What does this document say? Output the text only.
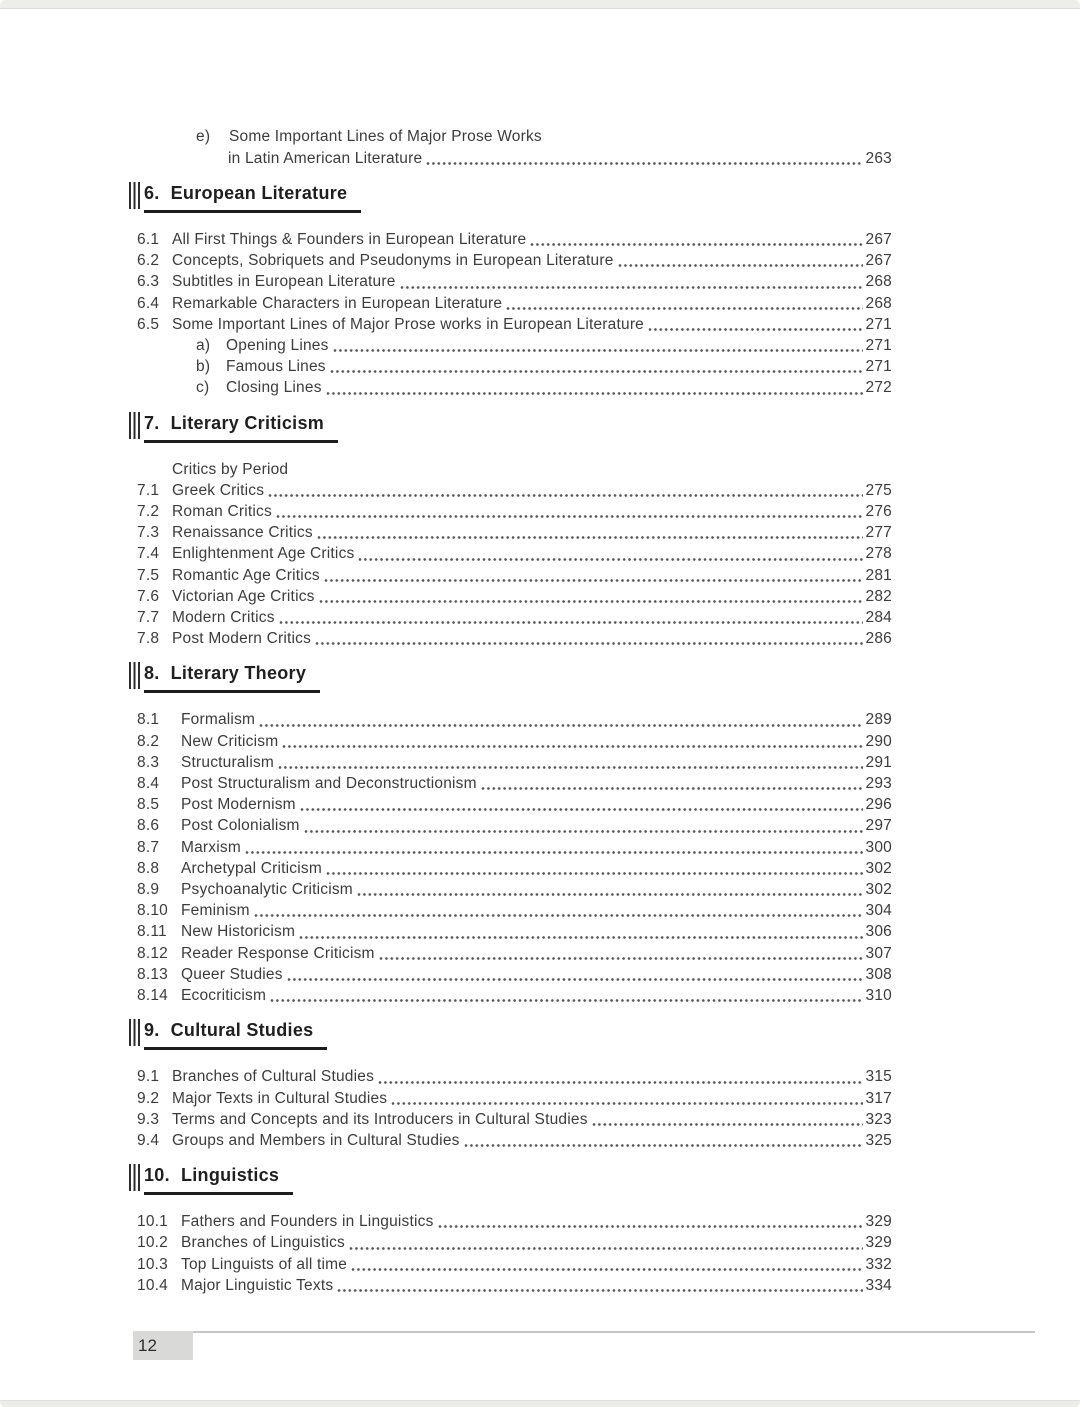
e)	Some Important Lines of Major Prose Works
in Latin American Literature	263
6. European Literature
6.1 All First Things & Founders in European Literature	267
6.2 Concepts, Sobriquets and Pseudonyms in European Literature	267
6.3 Subtitles in European Literature	268
6.4 Remarkable Characters in European Literature	268
6.5 Some Important Lines of Major Prose works in European Literature	271
a)	Opening Lines	271
b)	Famous Lines	271
c)	Closing Lines	272
7. Literary Criticism
Critics by Period
7.1 Greek Critics	275
7.2 Roman Critics	276
7.3 Renaissance Critics	277
7.4 Enlightenment Age Critics	278
7.5 Romantic Age Critics	281
7.6 Victorian Age Critics	282
7.7 Modern Critics	284
7.8 Post Modern Critics	286
8. Literary Theory
8.1	Formalism	289
8.2	New Criticism	290
8.3	Structuralism	291
8.4	Post Structuralism and Deconstructionism	293
8.5	Post Modernism	296
8.6	Post Colonialism	297
8.7	Marxism	300
8.8	Archetypal Criticism	302
8.9	Psychoanalytic Criticism	302
8.10 Feminism	304
8.11 New Historicism	306
8.12 Reader Response Criticism	307
8.13 Queer Studies	308
8.14 Ecocriticism	310
9. Cultural Studies
9.1 Branches of Cultural Studies	315
9.2 Major Texts in Cultural Studies	317
9.3 Terms and Concepts and its Introducers in Cultural Studies	323
9.4 Groups and Members in Cultural Studies	325
10. Linguistics
10.1 Fathers and Founders in Linguistics	329
10.2 Branches of Linguistics	329
10.3 Top Linguists of all time	332
10.4 Major Linguistic Texts	334
12
